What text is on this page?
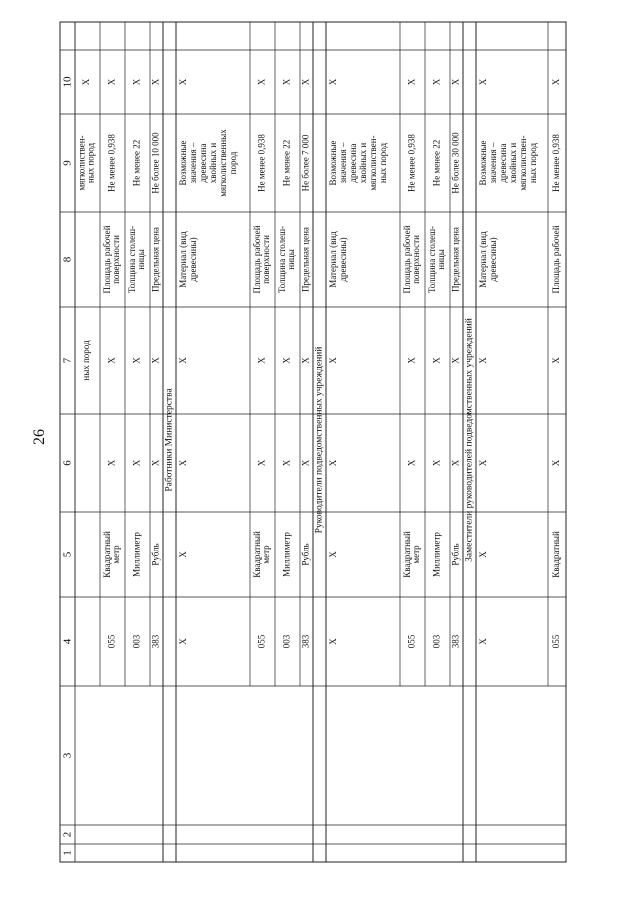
26
1
2
3
4
5
6
7
8
9
10
ных пород
мягколиствен- ных пород
X
055
Квадратный метр
X
X
Площадь рабочей поверхности
Не менее 0,938
X
003
Миллиметр
X
X
Толщина столеш- ницы
Не менее 22
X
383
Рубль
X
X
Предельная цена
Не более 10 000
X
Работники Министерства
X
X
X
X
Материал (вид древесины)
Возможные значения – древесина хвойных и мягколиственных пород
X
055
Квадратный метр
X
X
Площадь рабочей поверхности
Не менее 0,938
X
003
Миллиметр
X
X
Толщина столеш- ницы
Не менее 22
X
383
Рубль
X
X
Предельная цена
Не более 7 000
X
Руководители подведомственных учреждений
X
X
X
X
Материал (вид древесины)
Возможные значения – древесина хвойных и мягколиствен- ных пород
X
055
Квадратный метр
X
X
Площадь рабочей поверхности
Не менее 0,938
X
003
Миллиметр
X
X
Толщина столеш- ницы
Не менее 22
X
383
Рубль
X
X
Предельная цена
Не более 30 000
X
Заместители руководителей подведомственных учреждений
X
X
X
X
Материал (вид древесины)
Возможные значения – древесина хвойных и мягколиствен- ных пород
X
055
Квадратный
X
X
Площадь рабочей
Не менее 0,938
X
